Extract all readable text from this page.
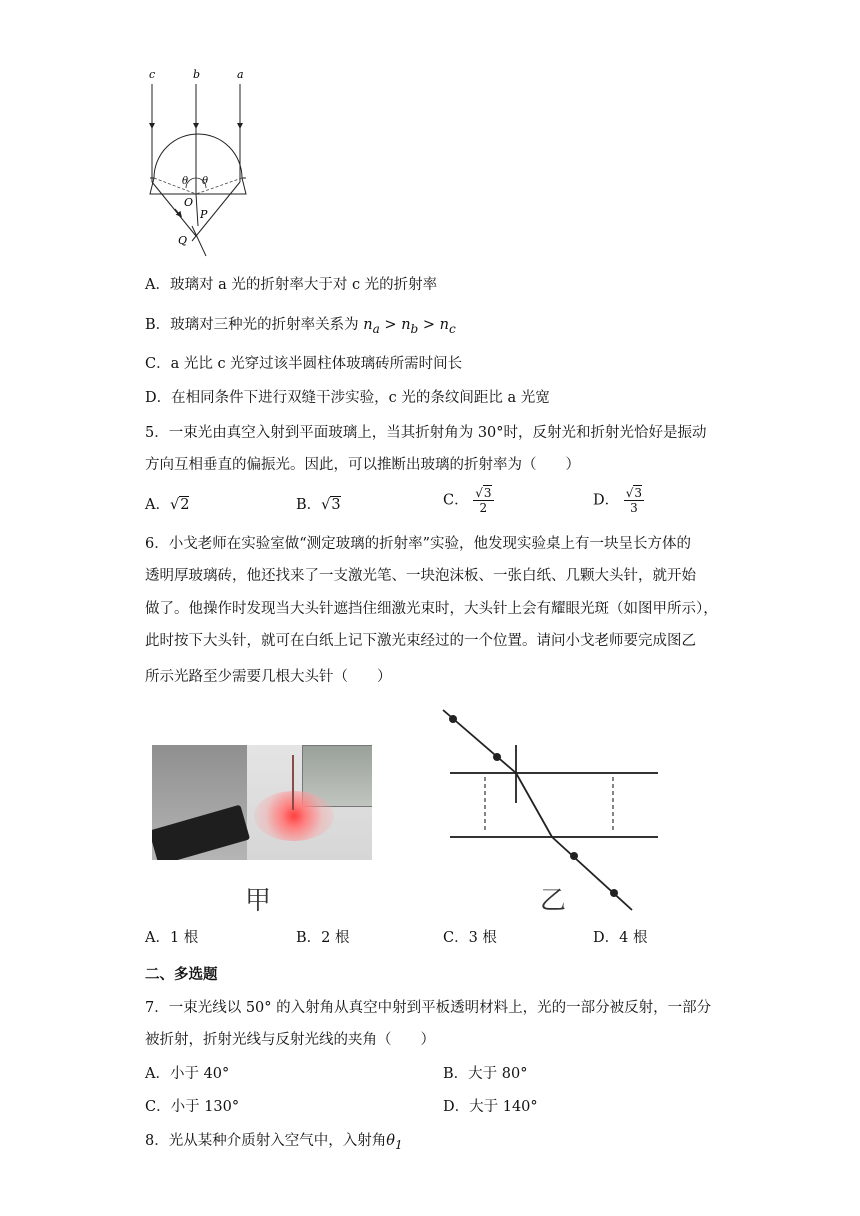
c	b	a
θ θ
O
P
Q
A．玻璃对 a 光的折射率大于对 c 光的折射率
B．玻璃对三种光的折射率关系为 $n_a > n_b > n_c$
C．a 光比 c 光穿过该半圆柱体玻璃砖所需时间长
D．在相同条件下进行双缝干涉实验，c 光的条纹间距比 a 光宽
5．一束光由真空入射到平面玻璃上，当其折射角为 30°时，反射光和折射光恰好是振动
方向互相垂直的偏振光。因此，可以推断出玻璃的折射率为（　　）
A．√2	B．√3	C． $\frac{√3}{2}$	D． $\frac{√3}{3}$
6．小戈老师在实验室做“测定玻璃的折射率”实验，他发现实验桌上有一块呈长方体的
透明厚玻璃砖，他还找来了一支激光笔、一块泡沫板、一张白纸、几颗大头针，就开始
做了。他操作时发现当大头针遮挡住细激光束时，大头针上会有耀眼光斑（如图甲所示），
此时按下大头针，就可在白纸上记下激光束经过的一个位置。请问小戈老师要完成图乙
所示光路至少需要几根大头针（　　）
甲	乙
A．1 根	B．2 根	C．3 根	D．4 根
二、多选题
7．一束光线以 50° 的入射角从真空中射到平板透明材料上，光的一部分被反射，一部分
被折射，折射光线与反射光线的夹角（　　）
A．小于 40°	B．大于 80°
C．小于 130°	D．大于 140°
8．光从某种介质射入空气中，入射角$\theta_1$
